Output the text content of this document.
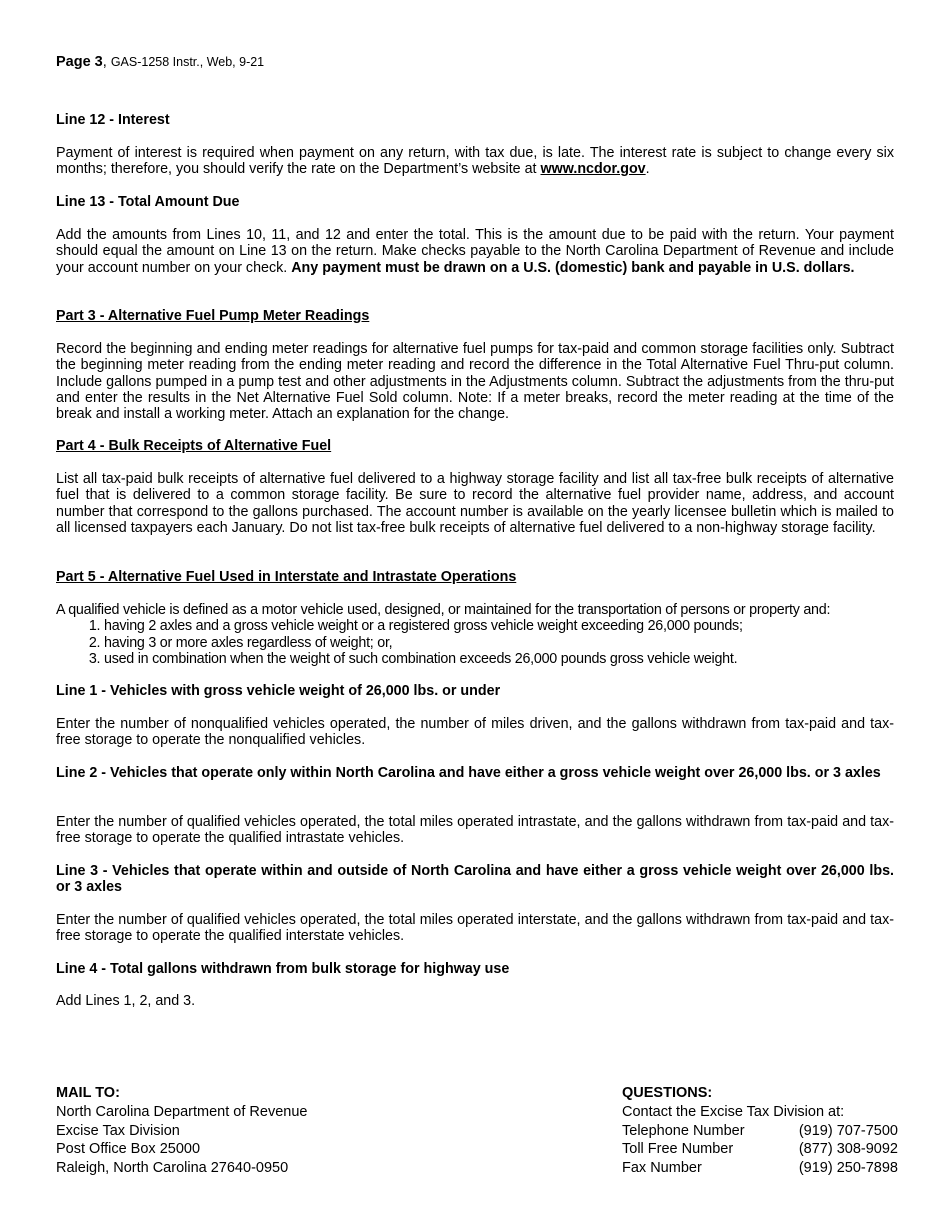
Page 3, GAS-1258 Instr., Web, 9-21

Line 12 - Interest

Payment of interest is required when payment on any return, with tax due, is late. The interest rate is subject to change every six months; therefore, you should verify the rate on the Department’s website at www.ncdor.gov.

Line 13 - Total Amount Due

Add the amounts from Lines 10, 11, and 12 and enter the total. This is the amount due to be paid with the return. Your payment should equal the amount on Line 13 on the return. Make checks payable to the North Carolina Department of Revenue and include your account number on your check. Any payment must be drawn on a U.S. (domestic) bank and payable in U.S. dollars.

Part 3 - Alternative Fuel Pump Meter Readings

Record the beginning and ending meter readings for alternative fuel pumps for tax-paid and common storage facilities only. Subtract the beginning meter reading from the ending meter reading and record the difference in the Total Alternative Fuel Thru-put column. Include gallons pumped in a pump test and other adjustments in the Adjustments column. Subtract the adjustments from the thru-put and enter the results in the Net Alternative Fuel Sold column. Note: If a meter breaks, record the meter reading at the time of the break and install a working meter. Attach an explanation for the change.

Part 4 - Bulk Receipts of Alternative Fuel

List all tax-paid bulk receipts of alternative fuel delivered to a highway storage facility and list all tax-free bulk receipts of alternative fuel that is delivered to a common storage facility. Be sure to record the alternative fuel provider name, address, and account number that correspond to the gallons purchased. The account number is available on the yearly licensee bulletin which is mailed to all licensed taxpayers each January. Do not list tax-free bulk receipts of alternative fuel delivered to a non-highway storage facility.

Part 5 - Alternative Fuel Used in Interstate and Intrastate Operations

A qualified vehicle is defined as a motor vehicle used, designed, or maintained for the transportation of persons or property and:
1. having 2 axles and a gross vehicle weight or a registered gross vehicle weight exceeding 26,000 pounds;
2. having 3 or more axles regardless of weight; or,
3. used in combination when the weight of such combination exceeds 26,000 pounds gross vehicle weight.

Line 1 - Vehicles with gross vehicle weight of 26,000 lbs. or under

Enter the number of nonqualified vehicles operated, the number of miles driven, and the gallons withdrawn from tax-paid and tax-free storage to operate the nonqualified vehicles.

Line 2 - Vehicles that operate only within North Carolina and have either a gross vehicle weight over 26,000 lbs. or 3 axles

Enter the number of qualified vehicles operated, the total miles operated intrastate, and the gallons withdrawn from tax-paid and tax-free storage to operate the qualified intrastate vehicles.

Line 3 - Vehicles that operate within and outside of North Carolina and have either a gross vehicle weight over 26,000 lbs. or 3 axles

Enter the number of qualified vehicles operated, the total miles operated interstate, and the gallons withdrawn from tax-paid and tax-free storage to operate the qualified interstate vehicles.

Line 4 - Total gallons withdrawn from bulk storage for highway use

Add Lines 1, 2, and 3.

MAIL TO:
North Carolina Department of Revenue
Excise Tax Division
Post Office Box 25000
Raleigh, North Carolina 27640-0950
QUESTIONS:
Contact the Excise Tax Division at:
Telephone Number	(919) 707-7500
Toll Free Number	(877) 308-9092
Fax Number	(919) 250-7898
